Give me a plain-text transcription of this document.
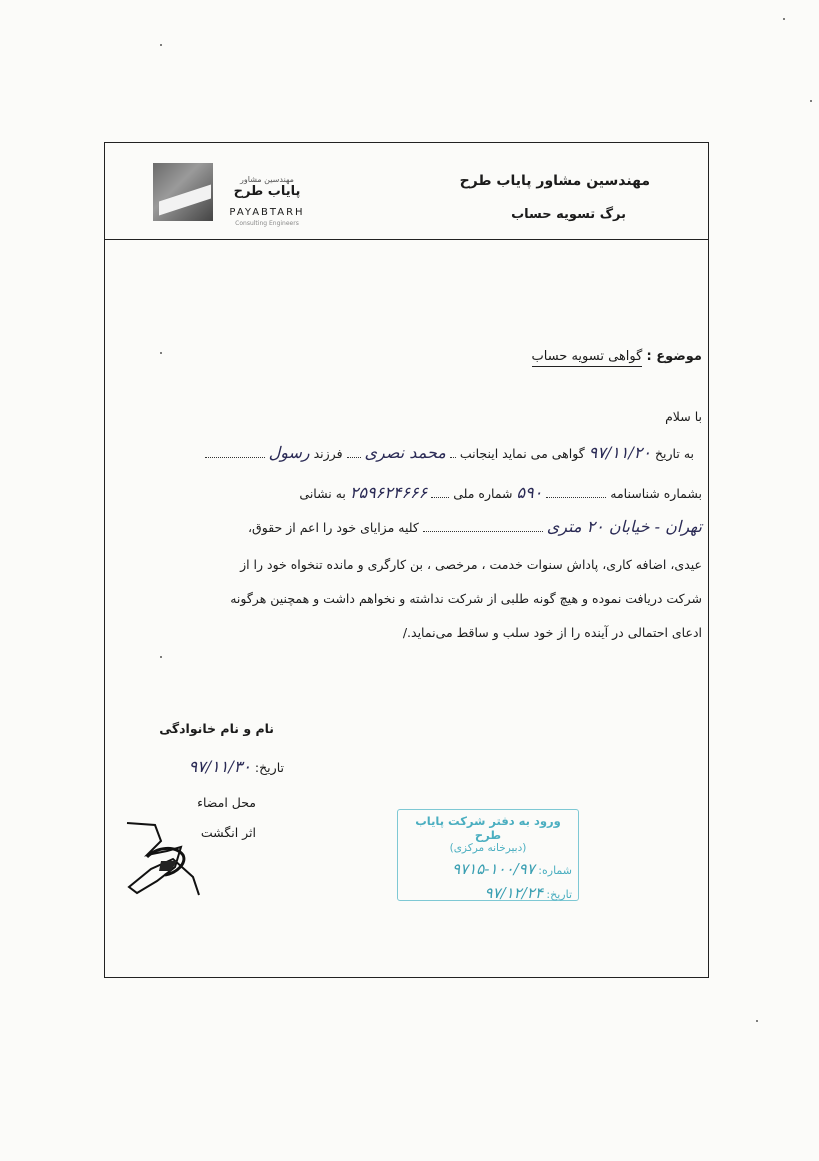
مهندسین مشاور
پایاب طرح
PAYABTARH
Consulting Engineers
مهندسین مشاور پایاب طرح
برگ تسویه حساب
موضوع : گواهی تسویه حساب
با سلام
به تاریخ ۹۷/۱۱/۲۰ گواهی می نماید اینجانب  محمد نصری  فرزند رسول
بشماره شناسنامه  ۵۹۰ شماره ملی  ۲۵۹۶۲۴۶۶۶ به نشانی
تهران - خیابان ۲۰ متری  کلیه مزایای خود را اعم از حقوق،
عیدی، اضافه کاری، پاداش سنوات خدمت ، مرخصی ، بن کارگری و مانده تنخواه خود را از
شرکت دریافت نموده و هیچ گونه طلبی از شرکت نداشته و نخواهم داشت و همچنین هرگونه
ادعای احتمالی در آینده را از خود سلب و ساقط می‌نماید./
نام و نام خانوادگی
تاریخ: ۹۷/۱۱/۳۰
محل امضاء
اثر انگشت
ورود به دفتر شرکت پایاب طرح
(دبیرخانه مرکزی)
شماره: ۱۰۰/۹۷-۹۷۱۵
تاریخ: ۹۷/۱۲/۲۴
